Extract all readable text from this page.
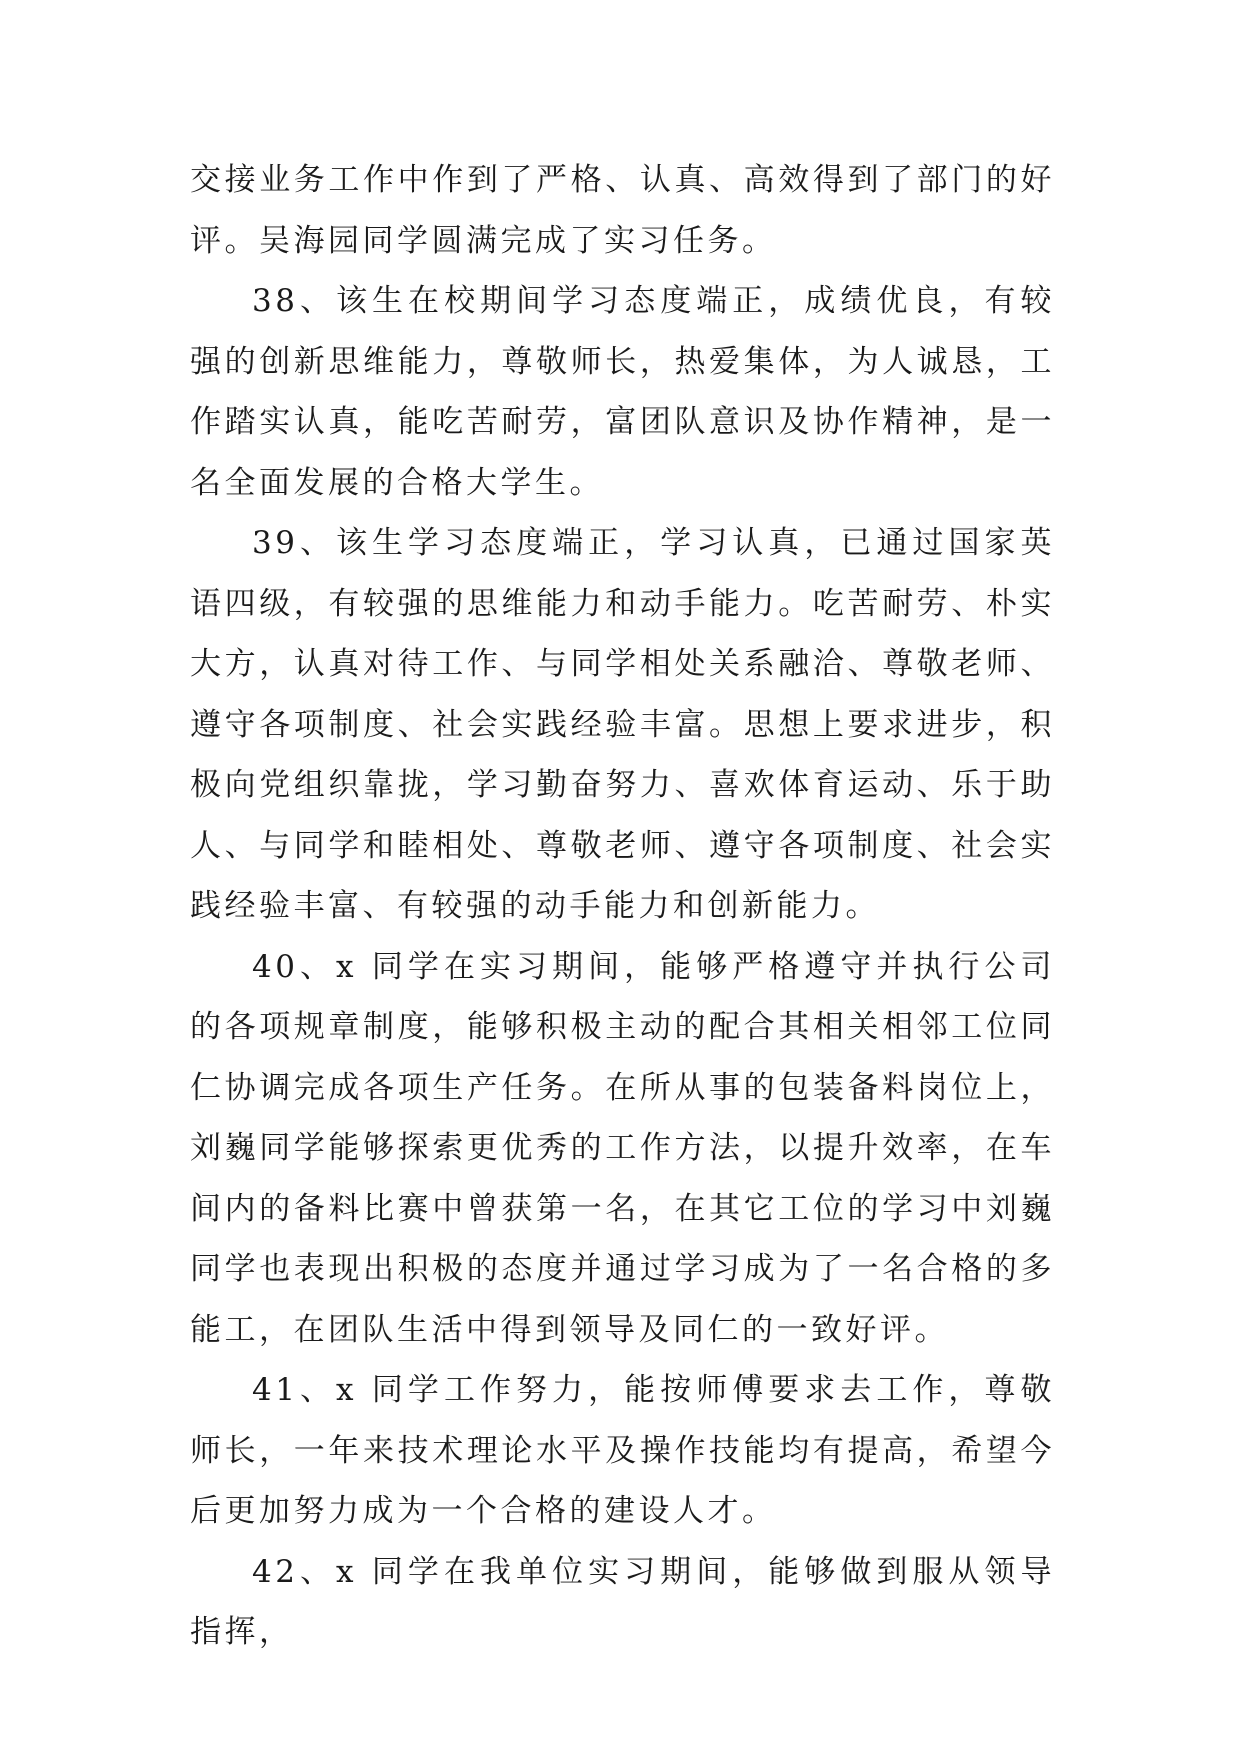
交接业务工作中作到了严格、认真、高效得到了部门的好评。吴海园同学圆满完成了实习任务。

38、该生在校期间学习态度端正，成绩优良，有较强的创新思维能力，尊敬师长，热爱集体，为人诚恳，工作踏实认真，能吃苦耐劳，富团队意识及协作精神，是一名全面发展的合格大学生。

39、该生学习态度端正，学习认真，已通过国家英语四级，有较强的思维能力和动手能力。吃苦耐劳、朴实大方，认真对待工作、与同学相处关系融洽、尊敬老师、遵守各项制度、社会实践经验丰富。思想上要求进步，积极向党组织靠拢，学习勤奋努力、喜欢体育运动、乐于助人、与同学和睦相处、尊敬老师、遵守各项制度、社会实践经验丰富、有较强的动手能力和创新能力。

40、x 同学在实习期间，能够严格遵守并执行公司的各项规章制度，能够积极主动的配合其相关相邻工位同仁协调完成各项生产任务。在所从事的包装备料岗位上，刘巍同学能够探索更优秀的工作方法，以提升效率，在车间内的备料比赛中曾获第一名，在其它工位的学习中刘巍同学也表现出积极的态度并通过学习成为了一名合格的多能工，在团队生活中得到领导及同仁的一致好评。

41、x 同学工作努力，能按师傅要求去工作，尊敬师长，一年来技术理论水平及操作技能均有提高，希望今后更加努力成为一个合格的建设人才。

42、x 同学在我单位实习期间，能够做到服从领导指挥，
